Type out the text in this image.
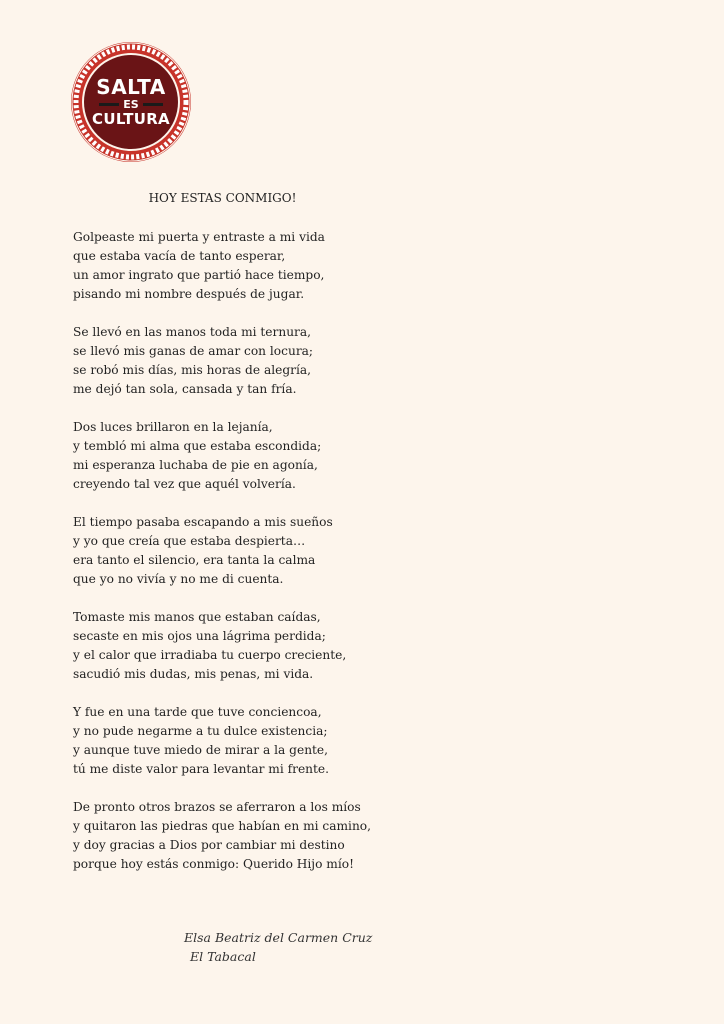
SALTA
ES
CULTURA
HOY ESTAS CONMIGO!
Golpeaste mi puerta y entraste a mi vida
que estaba vacía de tanto esperar,
un amor ingrato que partió hace tiempo,
pisando mi nombre después de jugar.
Se llevó en las manos toda mi ternura,
se llevó mis ganas de amar con locura;
se robó mis días, mis horas de alegría,
me dejó tan sola, cansada y tan fría.
Dos luces brillaron en la lejanía,
y tembló mi alma que estaba escondida;
mi esperanza luchaba de pie en agonía,
creyendo tal vez que aquél volvería.
El tiempo pasaba escapando a mis sueños
y yo que creía que estaba despierta…
era tanto el silencio, era tanta la calma
que yo no vivía y no me di cuenta.
Tomaste mis manos que estaban caídas,
secaste en mis ojos una lágrima perdida;
y el calor que irradiaba tu cuerpo creciente,
sacudió mis dudas, mis penas, mi vida.
Y fue en una tarde que tuve conciencoa,
y no pude negarme a tu dulce existencia;
y aunque tuve miedo de mirar a la gente,
tú me diste valor para levantar mi frente.
De pronto otros brazos se aferraron a los míos
y quitaron las piedras que habían en mi camino,
y doy gracias a Dios por cambiar mi destino
porque hoy estás conmigo: Querido Hijo mío!
Elsa Beatriz del Carmen Cruz
El Tabacal
